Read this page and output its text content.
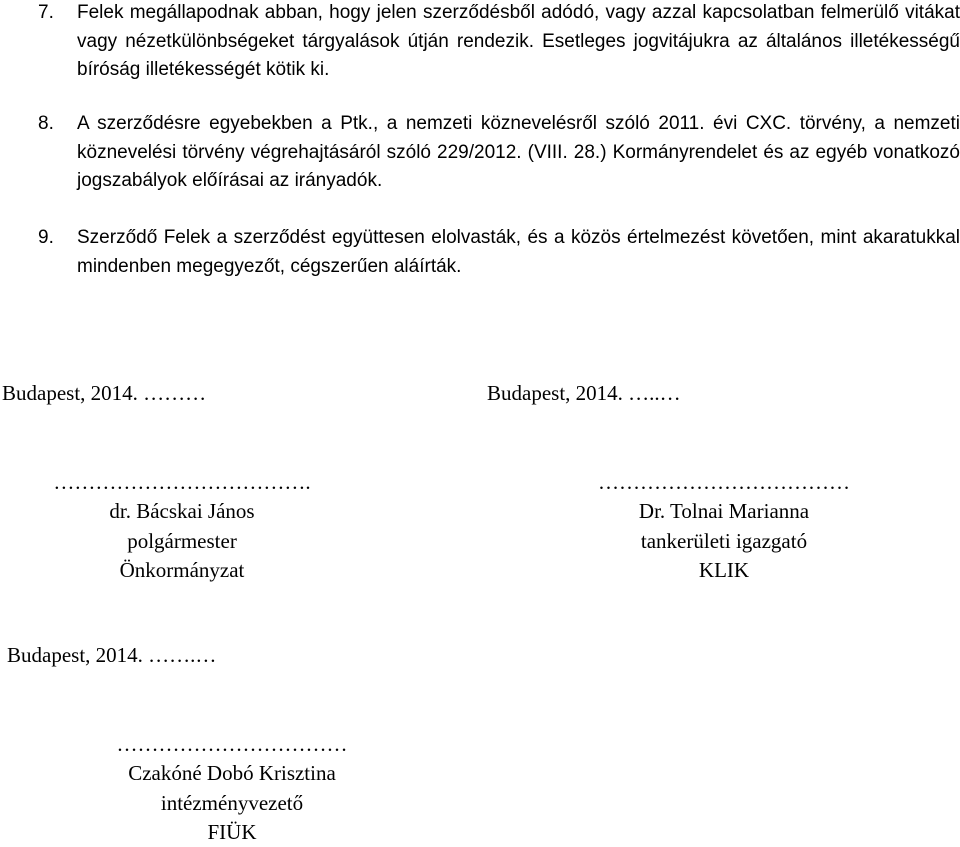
7. Felek megállapodnak abban, hogy jelen szerződésből adódó, vagy azzal kapcsolatban felmerülő vitákat vagy nézetkülönbségeket tárgyalások útján rendezik. Esetleges jogvitájukra az általános illetékességű bíróság illetékességét kötik ki.
8. A szerződésre egyebekben a Ptk., a nemzeti köznevelésről szóló 2011. évi CXC. törvény, a nemzeti köznevelési törvény végrehajtásáról szóló 229/2012. (VIII. 28.) Kormányrendelet és az egyéb vonatkozó jogszabályok előírásai az irányadók.
9. Szerződő Felek a szerződést együttesen elolvasták, és a közös értelmezést követően, mint akaratukkal mindenben megegyezőt, cégszerűen aláírták.
Budapest, 2014. ………	Budapest, 2014. …..…
……………………………….
dr. Bácskai János
polgármester
Önkormányzat
………………………………
Dr. Tolnai Marianna
tankerületi igazgató
KLIK
Budapest, 2014. …….…
……………………………
Czakóné Dobó Krisztina
intézményvezető
FIÜK
